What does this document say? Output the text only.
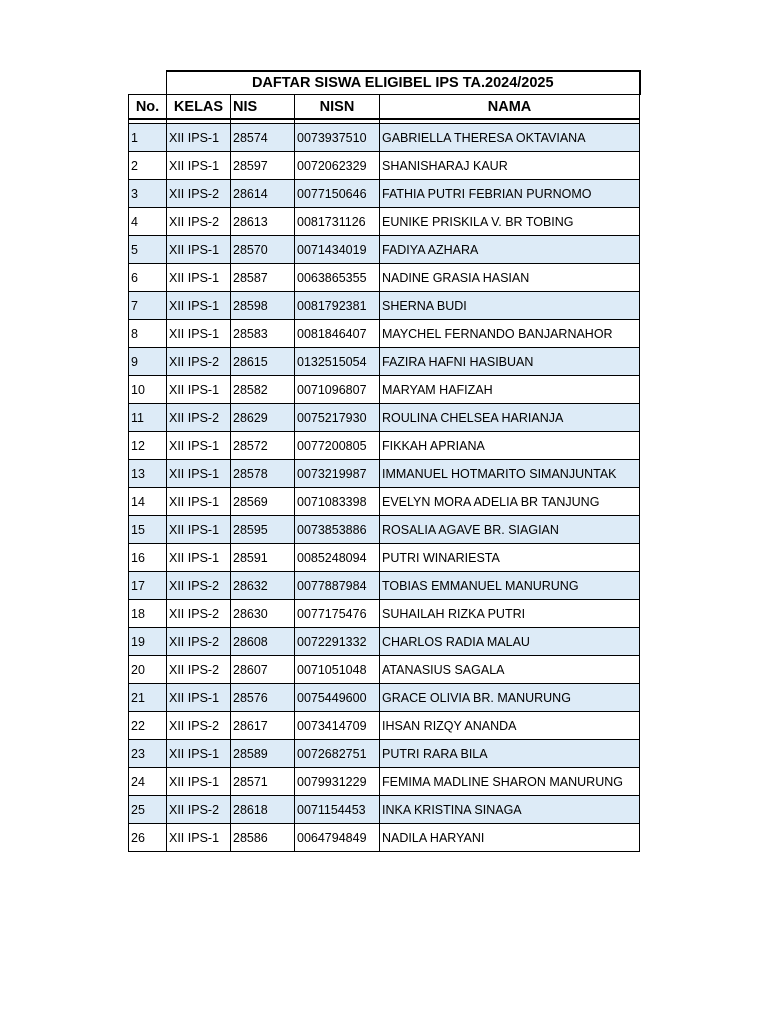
	DAFTAR SISWA ELIGIBEL IPS TA.2024/2025			
No.	KELAS	NIS	NISN	NAMA

1	XII IPS-1	28574	0073937510	GABRIELLA THERESA OKTAVIANA
2	XII IPS-1	28597	0072062329	SHANISHARAJ KAUR
3	XII IPS-2	28614	0077150646	FATHIA PUTRI FEBRIAN PURNOMO
4	XII IPS-2	28613	0081731126	EUNIKE PRISKILA V. BR TOBING
5	XII IPS-1	28570	0071434019	FADIYA AZHARA
6	XII IPS-1	28587	0063865355	NADINE GRASIA HASIAN
7	XII IPS-1	28598	0081792381	SHERNA BUDI
8	XII IPS-1	28583	0081846407	MAYCHEL FERNANDO BANJARNAHOR
9	XII IPS-2	28615	0132515054	FAZIRA HAFNI HASIBUAN
10	XII IPS-1	28582	0071096807	MARYAM HAFIZAH
11	XII IPS-2	28629	0075217930	ROULINA CHELSEA HARIANJA
12	XII IPS-1	28572	0077200805	FIKKAH APRIANA
13	XII IPS-1	28578	0073219987	IMMANUEL HOTMARITO SIMANJUNTAK
14	XII IPS-1	28569	0071083398	EVELYN MORA ADELIA BR TANJUNG
15	XII IPS-1	28595	0073853886	ROSALIA AGAVE BR. SIAGIAN
16	XII IPS-1	28591	0085248094	PUTRI WINARIESTA
17	XII IPS-2	28632	0077887984	TOBIAS EMMANUEL MANURUNG
18	XII IPS-2	28630	0077175476	SUHAILAH RIZKA PUTRI
19	XII IPS-2	28608	0072291332	CHARLOS RADIA MALAU
20	XII IPS-2	28607	0071051048	ATANASIUS SAGALA
21	XII IPS-1	28576	0075449600	GRACE OLIVIA BR. MANURUNG
22	XII IPS-2	28617	0073414709	IHSAN RIZQY ANANDA
23	XII IPS-1	28589	0072682751	PUTRI RARA BILA
24	XII IPS-1	28571	0079931229	FEMIMA MADLINE SHARON MANURUNG
25	XII IPS-2	28618	0071154453	INKA KRISTINA SINAGA
26	XII IPS-1	28586	0064794849	NADILA HARYANI
